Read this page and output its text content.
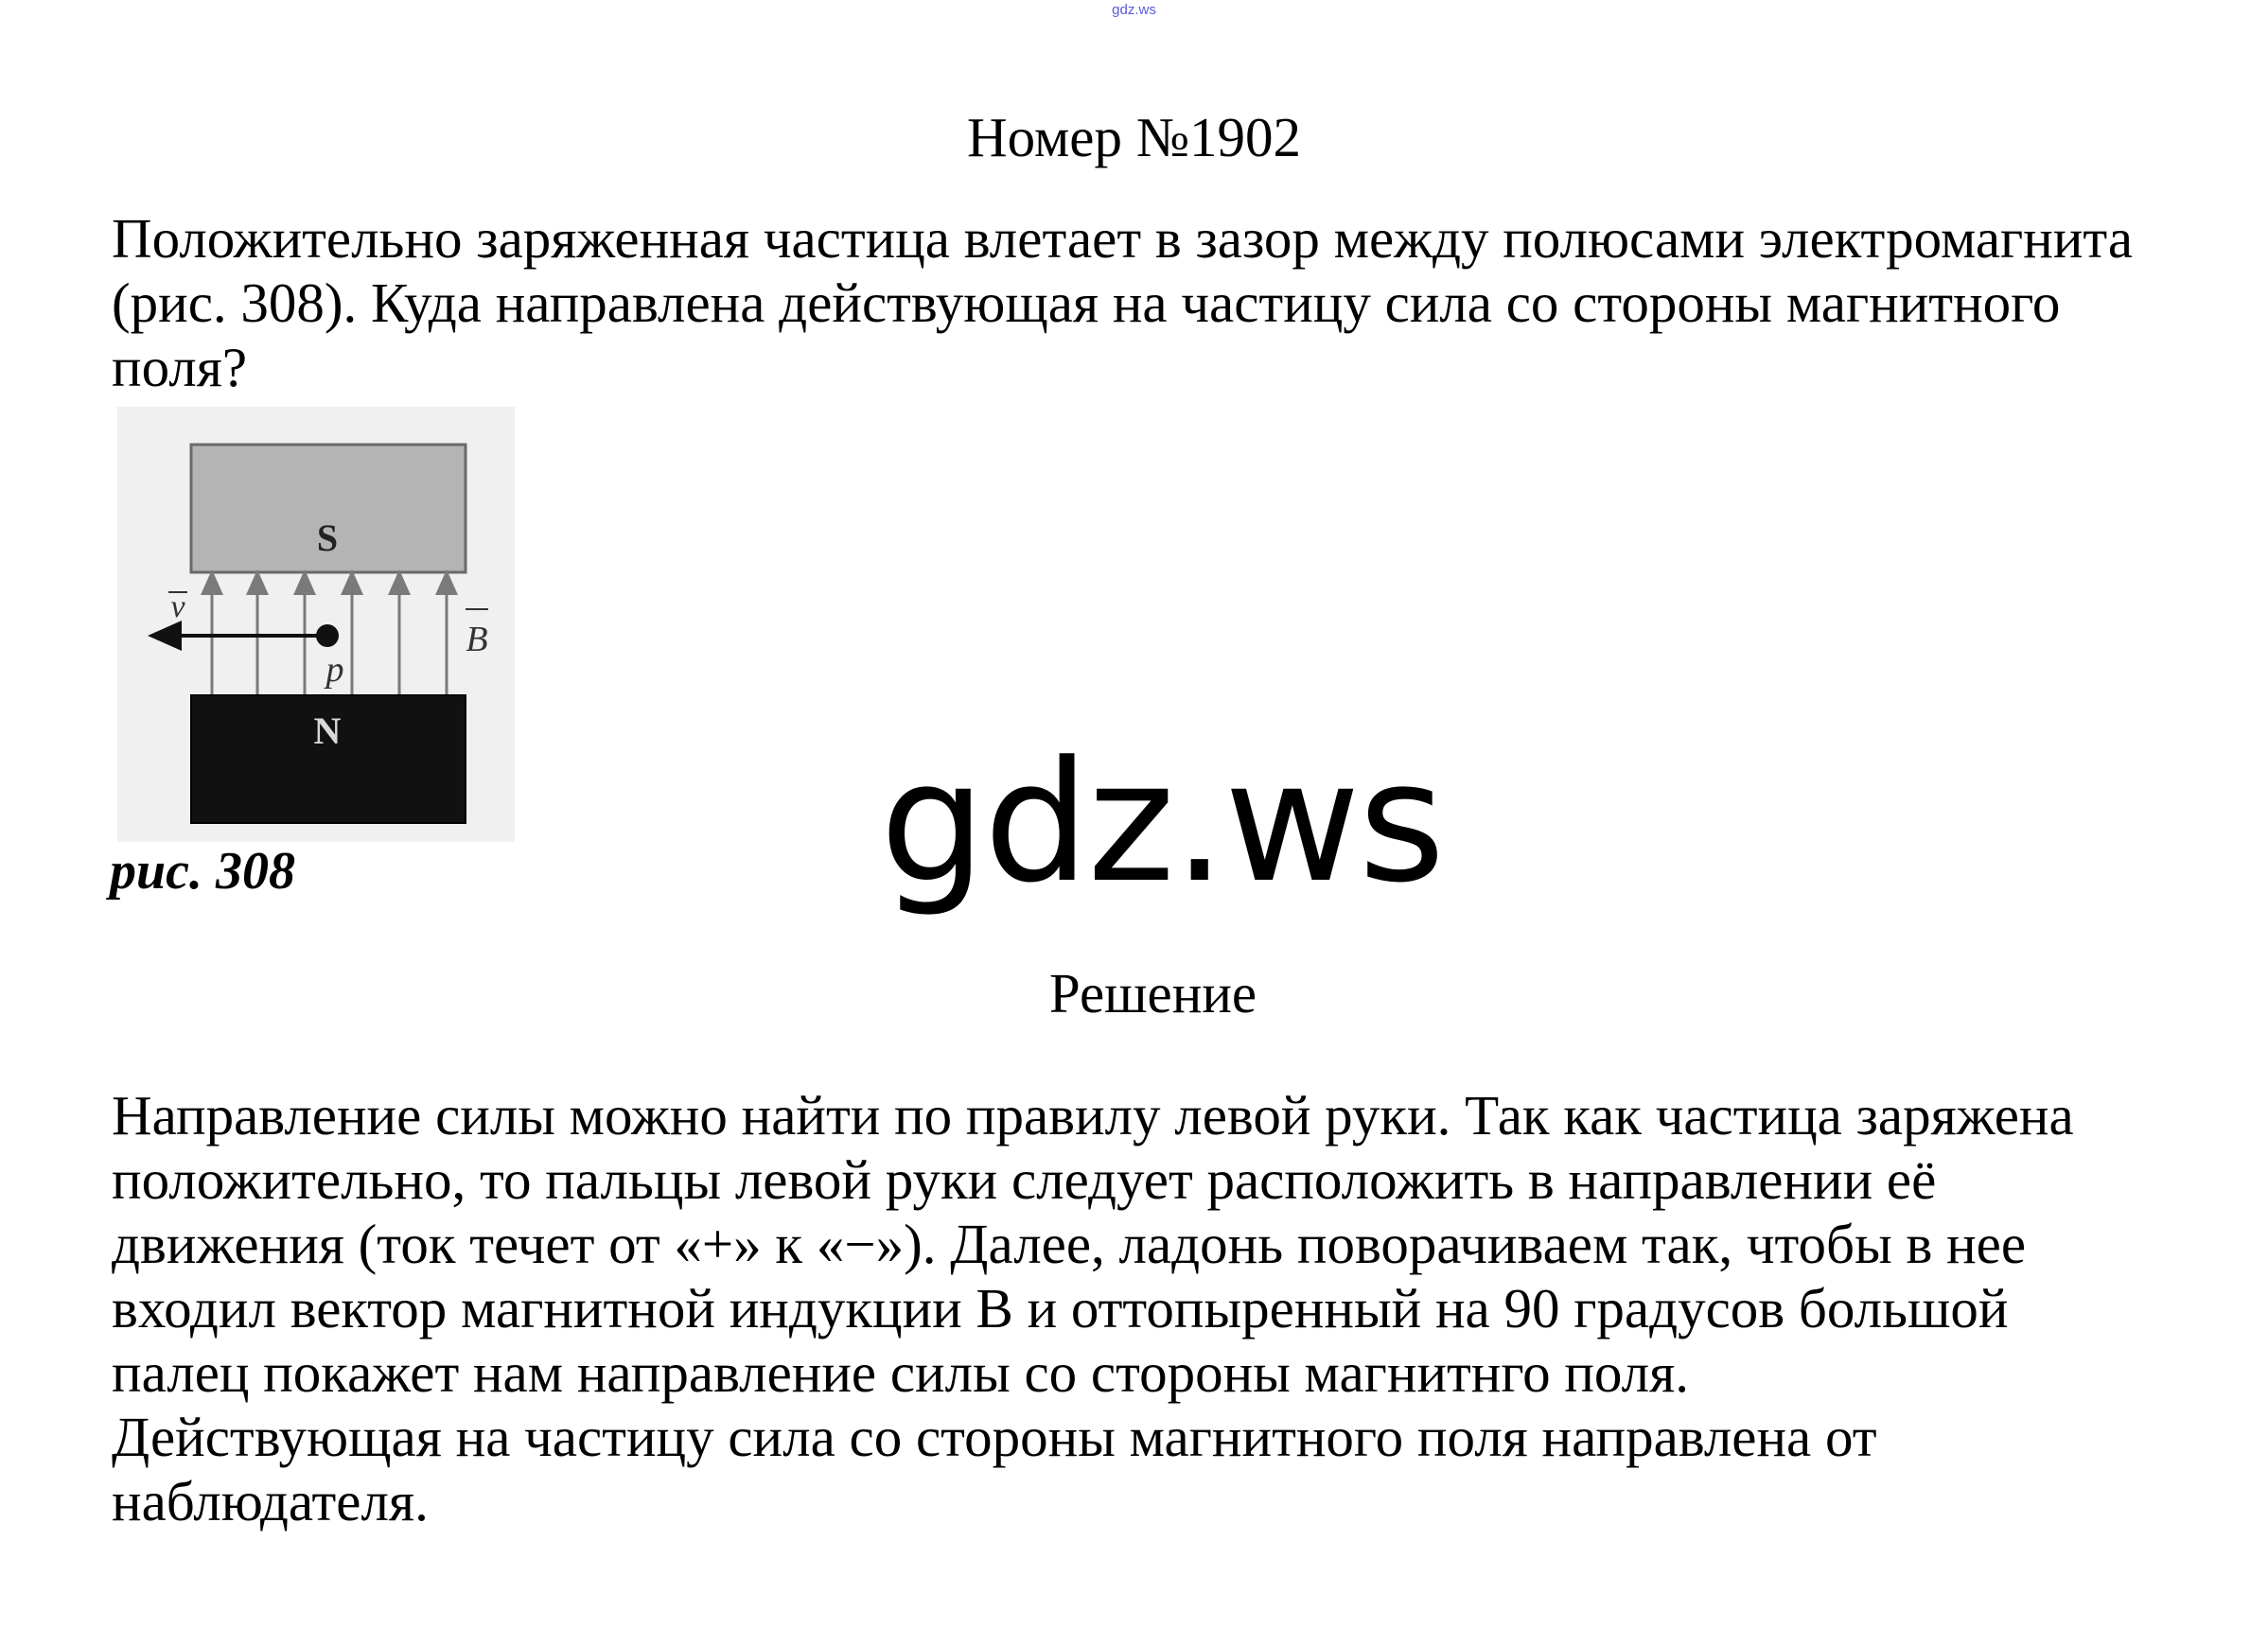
gdz.ws
Номер №1902

Положительно заряженная частица влетает в зазор между полюсами электромагнита
(рис. 308). Куда направлена действующая на частицу сила со стороны магнитного
поля?

S
v
p
B
N
рис. 308	gdz.ws
Решение

Направление силы можно найти по правилу левой руки. Так как частица заряжена
положительно, то пальцы левой руки следует расположить в направлении её
движения (ток течет от «+» к «−»). Далее, ладонь поворачиваем так, чтобы в нее
входил вектор магнитной индукции В и оттопыренный на 90 градусов большой
палец покажет нам направление силы со стороны магнитнго поля.
Действующая на частицу сила со стороны магнитного поля направлена от
наблюдателя.
